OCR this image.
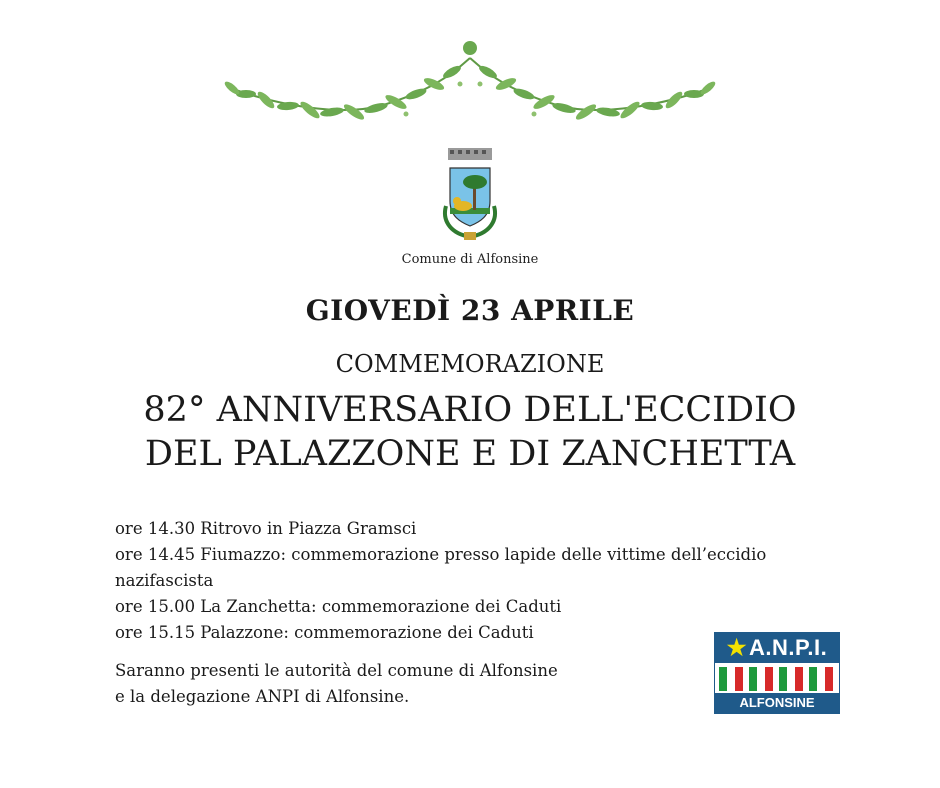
Comune di Alfonsine
GIOVEDÌ 23 APRILE
COMMEMORAZIONE
82° ANNIVERSARIO DELL'ECCIDIO
DEL PALAZZONE E DI ZANCHETTA
ore 14.30 Ritrovo in Piazza Gramsci
ore 14.45 Fiumazzo: commemorazione presso lapide delle vittime dell’eccidio nazifascista
ore 15.00 La Zanchetta: commemorazione dei Caduti
ore 15.15 Palazzone: commemorazione dei Caduti
Saranno presenti le autorità del comune di Alfonsine
e la delegazione ANPI di Alfonsine.
★A.N.P.I.
ALFONSINE
